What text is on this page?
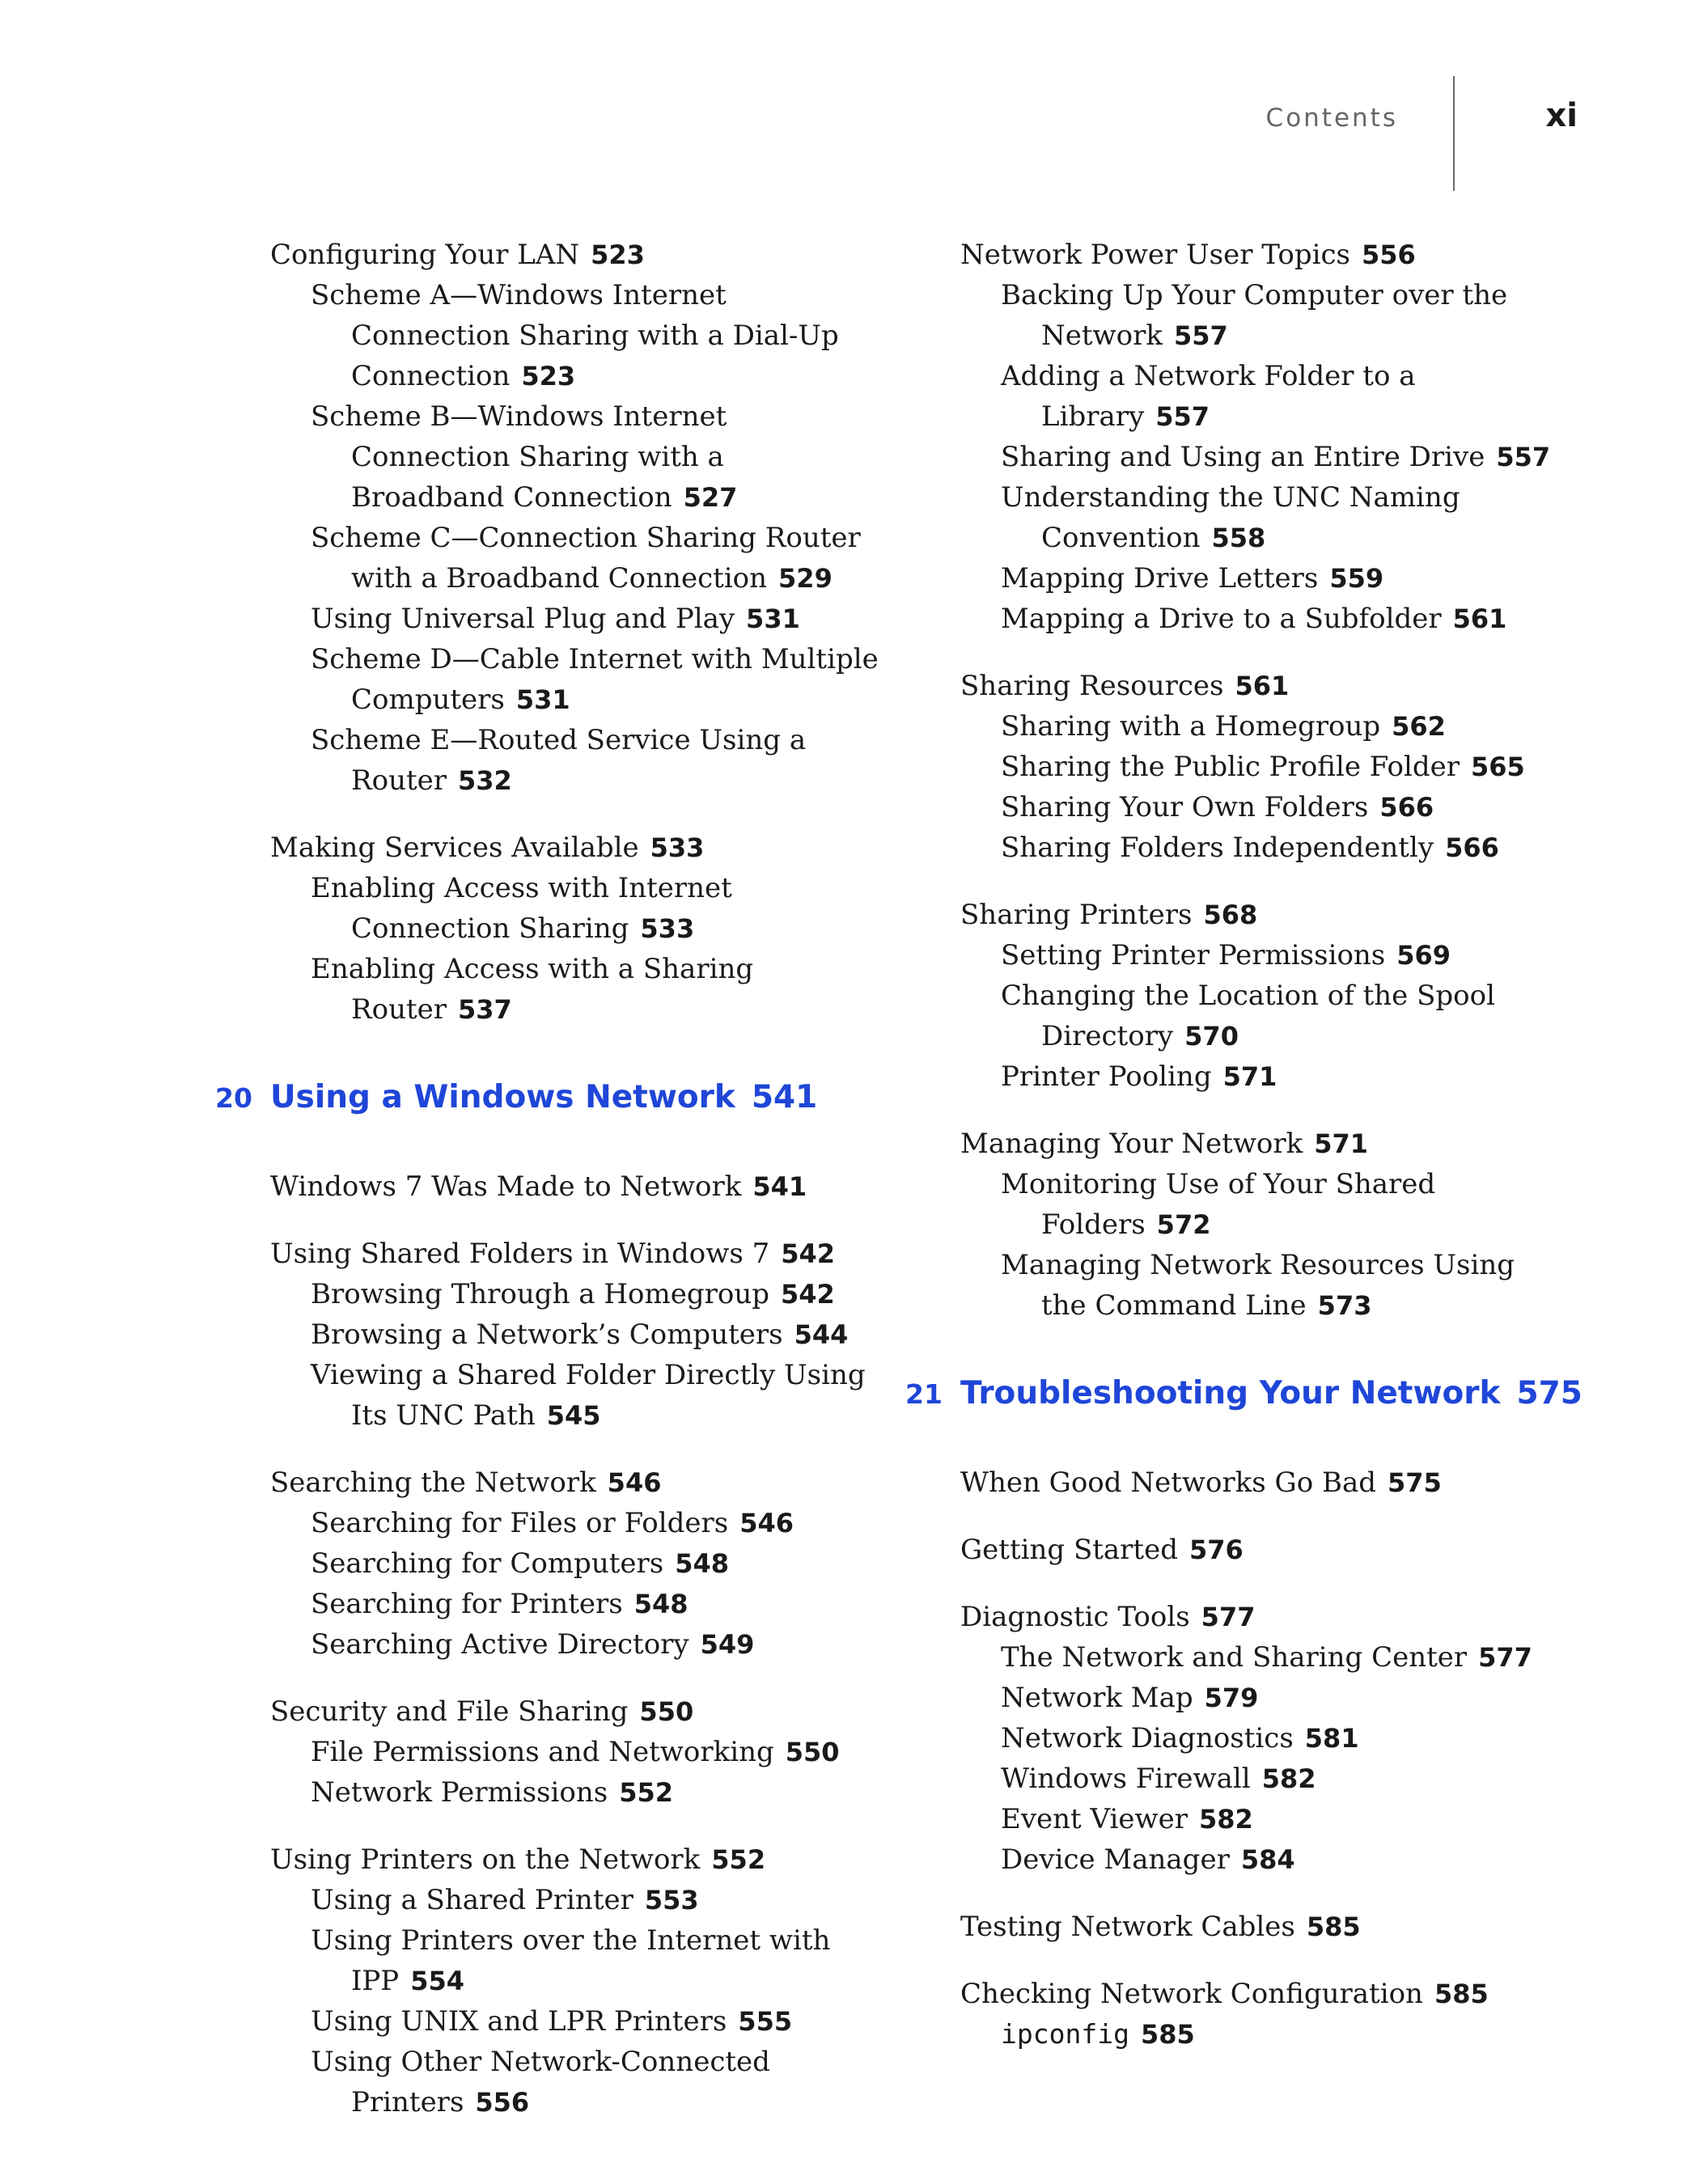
Contents	xi
Configuring Your LAN 523
Scheme A—Windows Internet Connection Sharing with a Dial-Up Connection 523
Scheme B—Windows Internet Connection Sharing with a Broadband Connection 527
Scheme C—Connection Sharing Router with a Broadband Connection 529
Using Universal Plug and Play 531
Scheme D—Cable Internet with Multiple Computers 531
Scheme E—Routed Service Using a Router 532
Making Services Available 533
Enabling Access with Internet Connection Sharing 533
Enabling Access with a Sharing Router 537
20 Using a Windows Network 541
Windows 7 Was Made to Network 541
Using Shared Folders in Windows 7 542
Browsing Through a Homegroup 542
Browsing a Network’s Computers 544
Viewing a Shared Folder Directly Using Its UNC Path 545
Searching the Network 546
Searching for Files or Folders 546
Searching for Computers 548
Searching for Printers 548
Searching Active Directory 549
Security and File Sharing 550
File Permissions and Networking 550
Network Permissions 552
Using Printers on the Network 552
Using a Shared Printer 553
Using Printers over the Internet with IPP 554
Using UNIX and LPR Printers 555
Using Other Network-Connected Printers 556
Network Power User Topics 556
Backing Up Your Computer over the Network 557
Adding a Network Folder to a Library 557
Sharing and Using an Entire Drive 557
Understanding the UNC Naming Convention 558
Mapping Drive Letters 559
Mapping a Drive to a Subfolder 561
Sharing Resources 561
Sharing with a Homegroup 562
Sharing the Public Profile Folder 565
Sharing Your Own Folders 566
Sharing Folders Independently 566
Sharing Printers 568
Setting Printer Permissions 569
Changing the Location of the Spool Directory 570
Printer Pooling 571
Managing Your Network 571
Monitoring Use of Your Shared Folders 572
Managing Network Resources Using the Command Line 573
21 Troubleshooting Your Network 575
When Good Networks Go Bad 575
Getting Started 576
Diagnostic Tools 577
The Network and Sharing Center 577
Network Map 579
Network Diagnostics 581
Windows Firewall 582
Event Viewer 582
Device Manager 584
Testing Network Cables 585
Checking Network Configuration 585
ipconfig 585
